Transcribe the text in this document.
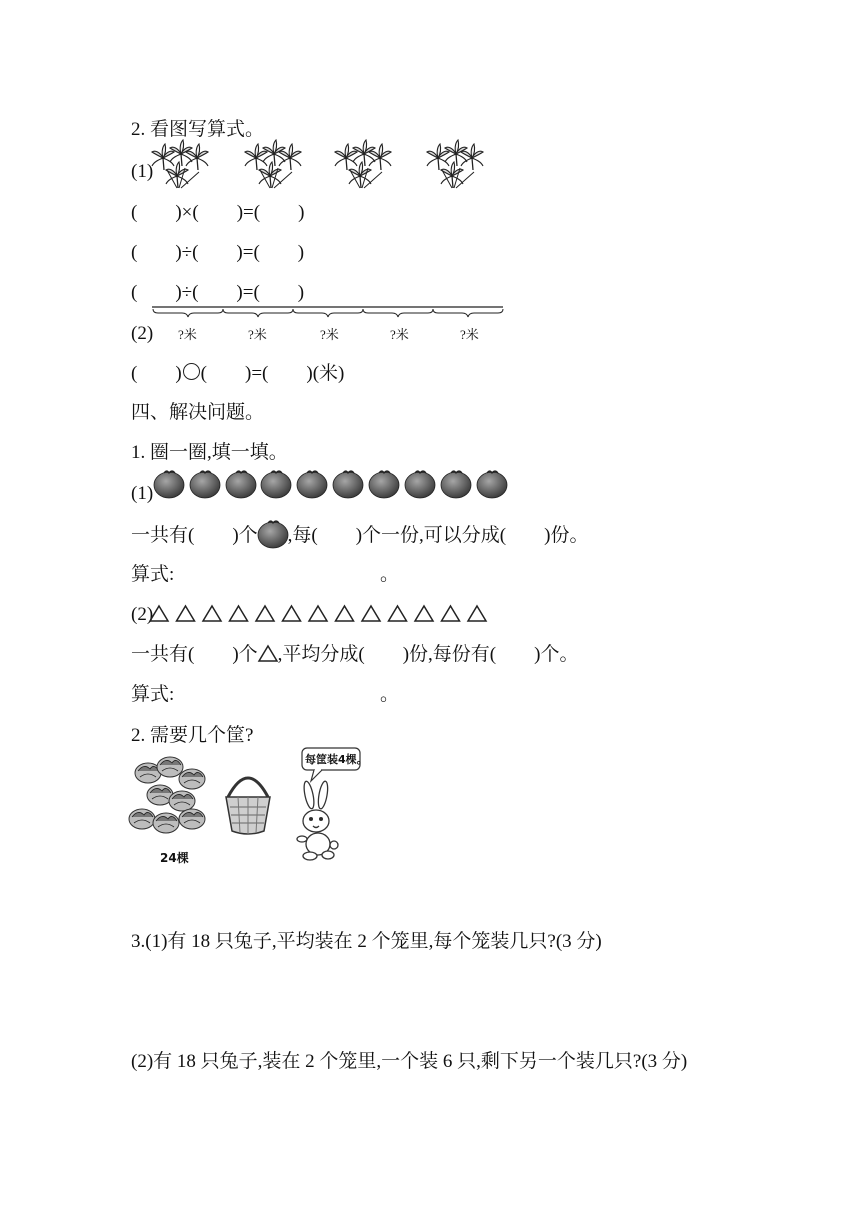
2. 看图写算式。
(1)
(        )×(        )=(        )
(        )÷(        )=(        )
(        )÷(        )=(        )
(2) ?米	?米	?米	?米	?米
(        ) (        )=(        )(米)
四、解决问题。
1. 圈一圈,填一填。
(1)
一共有(        )个 ,每(        )个一份,可以分成(        )份。
算式:	。
(2)
一共有(        )个 ,平均分成(        )份,每份有(        )个。
算式:	。
2. 需要几个筐?
每筐装4棵。
24棵
3.(1)有 18 只兔子,平均装在 2 个笼里,每个笼装几只?(3 分)
(2)有 18 只兔子,装在 2 个笼里,一个装 6 只,剩下另一个装几只?(3 分)
